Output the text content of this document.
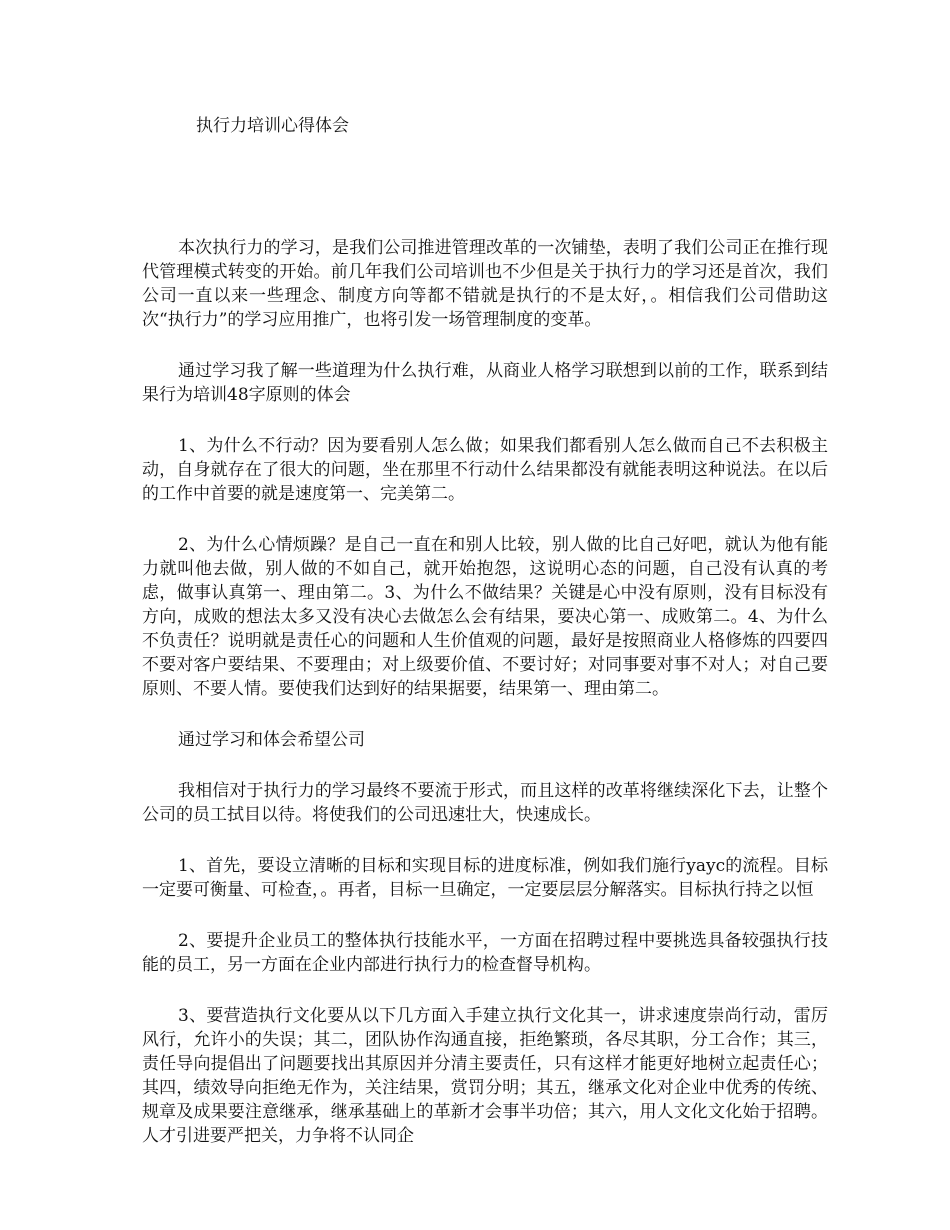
执行力培训心得体会

本次执行力的学习，是我们公司推进管理改革的一次铺垫，表明了我们公司正在推行现代管理模式转变的开始。前几年我们公司培训也不少但是关于执行力的学习还是首次，我们公司一直以来一些理念、制度方向等都不错就是执行的不是太好，。相信我们公司借助这次“执行力”的学习应用推广，也将引发一场管理制度的变革。

通过学习我了解一些道理为什么执行难，从商业人格学习联想到以前的工作，联系到结果行为培训48字原则的体会

1、为什么不行动？因为要看别人怎么做；如果我们都看别人怎么做而自己不去积极主动，自身就存在了很大的问题，坐在那里不行动什么结果都没有就能表明这种说法。在以后的工作中首要的就是速度第一、完美第二。

2、为什么心情烦躁？是自己一直在和别人比较，别人做的比自己好吧，就认为他有能力就叫他去做，别人做的不如自己，就开始抱怨，这说明心态的问题，自己没有认真的考虑，做事认真第一、理由第二。3、为什么不做结果？关键是心中没有原则，没有目标没有方向，成败的想法太多又没有决心去做怎么会有结果，要决心第一、成败第二。4、为什么不负责任？说明就是责任心的问题和人生价值观的问题，最好是按照商业人格修炼的四要四不要对客户要结果、不要理由；对上级要价值、不要讨好；对同事要对事不对人；对自己要原则、不要人情。要使我们达到好的结果据要，结果第一、理由第二。

通过学习和体会希望公司

我相信对于执行力的学习最终不要流于形式，而且这样的改革将继续深化下去，让整个公司的员工拭目以待。将使我们的公司迅速壮大，快速成长。

1、首先，要设立清晰的目标和实现目标的进度标准，例如我们施行yayc的流程。目标一定要可衡量、可检查，。再者，目标一旦确定，一定要层层分解落实。目标执行持之以恒

2、要提升企业员工的整体执行技能水平，一方面在招聘过程中要挑选具备较强执行技能的员工，另一方面在企业内部进行执行力的检查督导机构。

3、要营造执行文化要从以下几方面入手建立执行文化其一，讲求速度崇尚行动，雷厉风行，允许小的失误；其二，团队协作沟通直接，拒绝繁琐，各尽其职，分工合作；其三，责任导向提倡出了问题要找出其原因并分清主要责任，只有这样才能更好地树立起责任心；其四，绩效导向拒绝无作为，关注结果，赏罚分明；其五，继承文化对企业中优秀的传统、规章及成果要注意继承，继承基础上的革新才会事半功倍；其六，用人文化文化始于招聘。人才引进要严把关，力争将不认同企
